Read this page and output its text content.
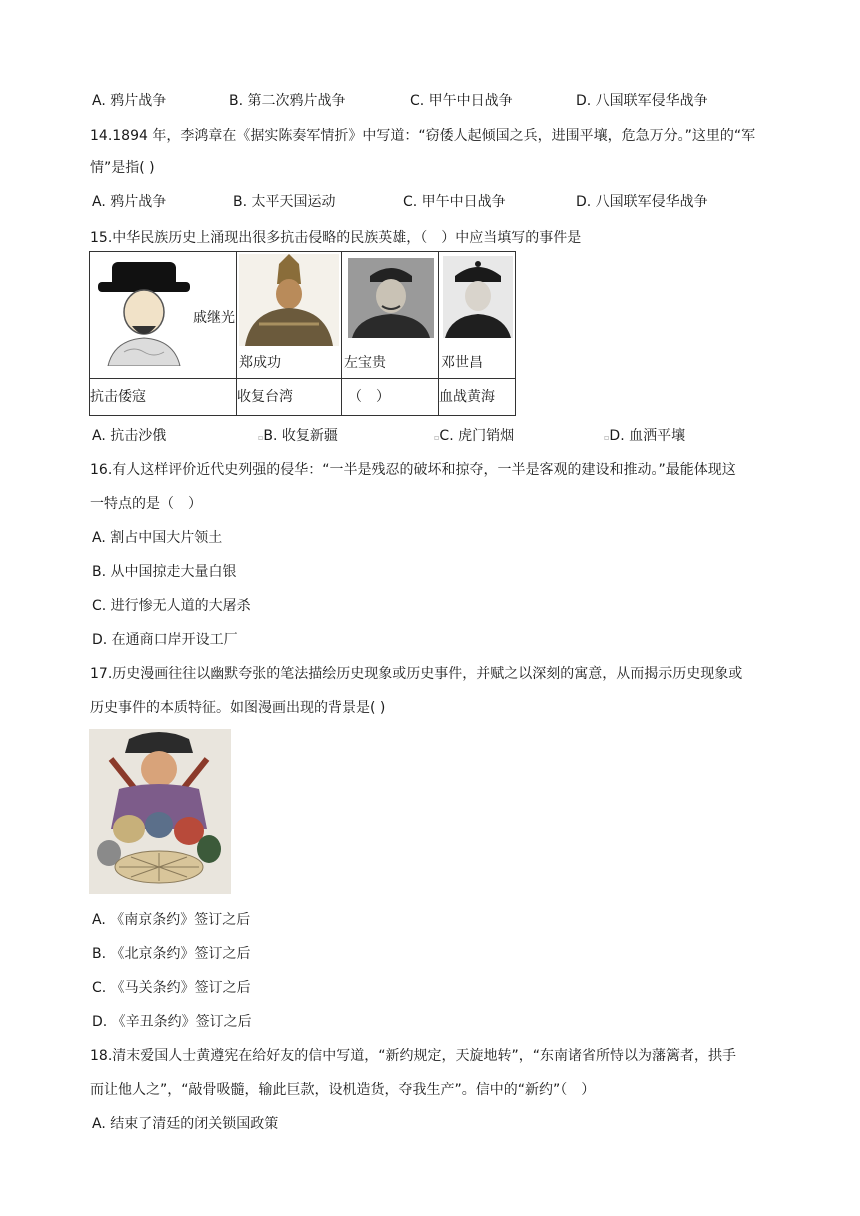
A. 鸦片战争	B. 第二次鸦片战争	C. 甲午中日战争	D. 八国联军侵华战争
14.1894 年，李鸿章在《据实陈奏军情折》中写道：“窃倭人起倾国之兵，进围平壤，危急万分。”这里的“军
情”是指( )
A. 鸦片战争	B. 太平天国运动	C. 甲午中日战争	D. 八国联军侵华战争
15.中华民族历史上涌现出很多抗击侵略的民族英雄，（　）中应当填写的事件是
戚继光	郑成功	左宝贵	邓世昌

抗击倭寇	收复台湾	（　）	血战黄海
A. 抗击沙俄	▫B. 收复新疆	▫C. 虎门销烟	▫D. 血洒平壤
16.有人这样评价近代史列强的侵华：“一半是残忍的破坏和掠夺，一半是客观的建设和推动。”最能体现这
一特点的是（　）
A. 割占中国大片领土
B. 从中国掠走大量白银
C. 进行惨无人道的大屠杀
D. 在通商口岸开设工厂
17.历史漫画往往以幽默夸张的笔法描绘历史现象或历史事件，并赋之以深刻的寓意，从而揭示历史现象或
历史事件的本质特征。如图漫画出现的背景是( )
A. 《南京条约》签订之后
B. 《北京条约》签订之后
C. 《马关条约》签订之后
D. 《辛丑条约》签订之后
18.清末爱国人士黄遵宪在给好友的信中写道，“新约规定，天旋地转”，“东南诸省所恃以为藩篱者，拱手
而让他人之”，“敲骨吸髓，输此巨款，设机造货，夺我生产”。信中的“新约”（　）
A. 结束了清廷的闭关锁国政策
